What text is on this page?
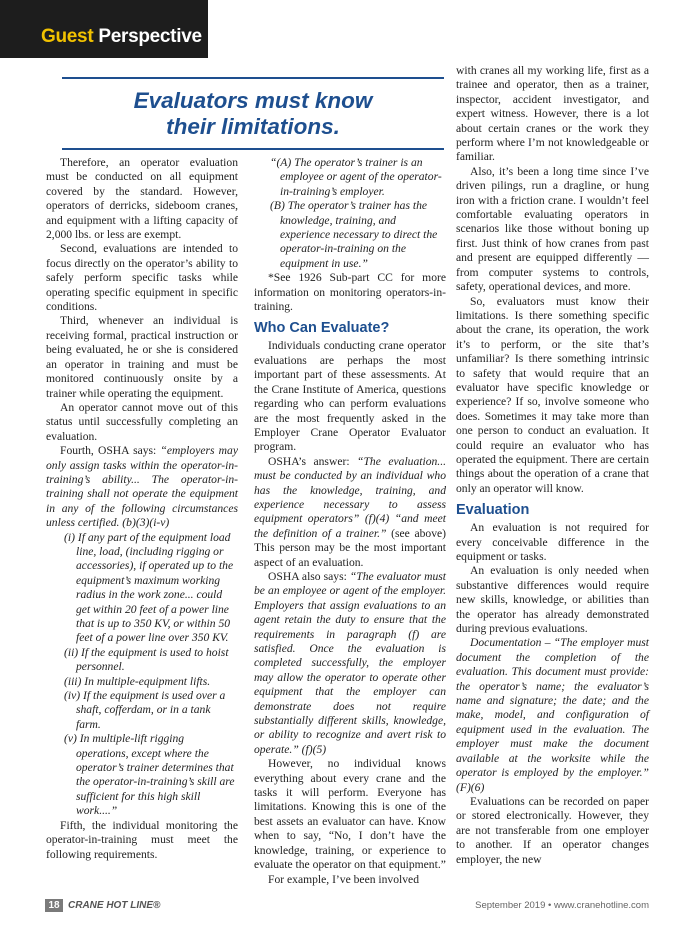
Guest Perspective
Evaluators must know
their limitations.

Therefore, an operator evaluation must be conducted on all equipment covered by the standard. However, operators of derricks, sideboom cranes, and equipment with a lifting capacity of 2,000 lbs. or less are exempt.

Second, evaluations are intended to focus directly on the operator’s ability to safely perform specific tasks while operating specific equipment in specific conditions.

Third, whenever an individual is receiving formal, practical instruction or being evaluated, he or she is considered an operator in training and must be monitored continuously onsite by a trainer while operating the equipment.

An operator cannot move out of this status until successfully completing an evaluation.

Fourth, OSHA says: “employers may only assign tasks within the operator-in-training’s ability... The operator-in-training shall not operate the equipment in any of the following circumstances unless certified. (b)(3)(i-v)

(i) If any part of the equipment load line, load, (including rigging or accessories), if operated up to the equipment’s maximum working radius in the work zone... could get within 20 feet of a power line that is up to 350 KV, or within 50 feet of a power line over 350 KV.
(ii) If the equipment is used to hoist personnel.
(iii) In multiple-equipment lifts.
(iv) If the equipment is used over a shaft, cofferdam, or in a tank farm.
(v) In multiple-lift rigging operations, except where the operator’s trainer determines that the operator-in-training’s skill are sufficient for this high skill work....”

Fifth, the individual monitoring the operator-in-training must meet the following requirements.

“(A) The operator’s trainer is an employee or agent of the operator-in-training’s employer.
(B) The operator’s trainer has the knowledge, training, and experience necessary to direct the operator-in-training on the equipment in use.”

*See 1926 Sub-part CC for more information on monitoring operators-in-training.

Who Can Evaluate?

Individuals conducting crane operator evaluations are perhaps the most important part of these assessments. At the Crane Institute of America, questions regarding who can perform evaluations are the most frequently asked in the Employer Crane Operator Evaluator program.

OSHA’s answer: “The evaluation... must be conducted by an individual who has the knowledge, training, and experience necessary to assess equipment operators” (f)(4) “and meet the definition of a trainer.” (see above) This person may be the most important aspect of an evaluation.

OSHA also says: “The evaluator must be an employee or agent of the employer. Employers that assign evaluations to an agent retain the duty to ensure that the requirements in paragraph (f) are satisfied. Once the evaluation is completed successfully, the employer may allow the operator to operate other equipment that the employer can demonstrate does not require substantially different skills, knowledge, or ability to recognize and avert risk to operate.” (f)(5)

However, no individual knows everything about every crane and the tasks it will perform. Everyone has limitations. Knowing this is one of the best assets an evaluator can have. Know when to say, “No, I don’t have the knowledge, training, or experience to evaluate the operator on that equipment.”

For example, I’ve been involved

with cranes all my working life, first as a trainee and operator, then as a trainer, inspector, accident investigator, and expert witness. However, there is a lot about certain cranes or the work they perform where I’m not knowledgeable or familiar.

Also, it’s been a long time since I’ve driven pilings, run a dragline, or hung iron with a friction crane. I wouldn’t feel comfortable evaluating operators in scenarios like those without boning up first. Just think of how cranes from past and present are equipped differently — from computer systems to controls, safety, operational devices, and more.

So, evaluators must know their limitations. Is there something specific about the crane, its operation, the work it’s to perform, or the site that’s unfamiliar? Is there something intrinsic to safety that would require that an evaluator have specific knowledge or experience? If so, involve someone who does. Sometimes it may take more than one person to conduct an evaluation. It could require an evaluator who has operated the equipment. There are certain things about the operation of a crane that only an operator will know.

Evaluation

An evaluation is not required for every conceivable difference in the equipment or tasks.

An evaluation is only needed when substantive differences would require new skills, knowledge, or abilities than the operator has already demonstrated during previous evaluations.

Documentation – “The employer must document the completion of the evaluation. This document must provide: the operator’s name; the evaluator’s name and signature; the date; and the make, model, and configuration of equipment used in the evaluation. The employer must make the document available at the worksite while the operator is employed by the employer.” (F)(6)

Evaluations can be recorded on paper or stored electronically. However, they are not transferable from one employer to another. If an operator changes employer, the new

18 CRANE HOT LINE®	September 2019 • www.cranehotline.com
